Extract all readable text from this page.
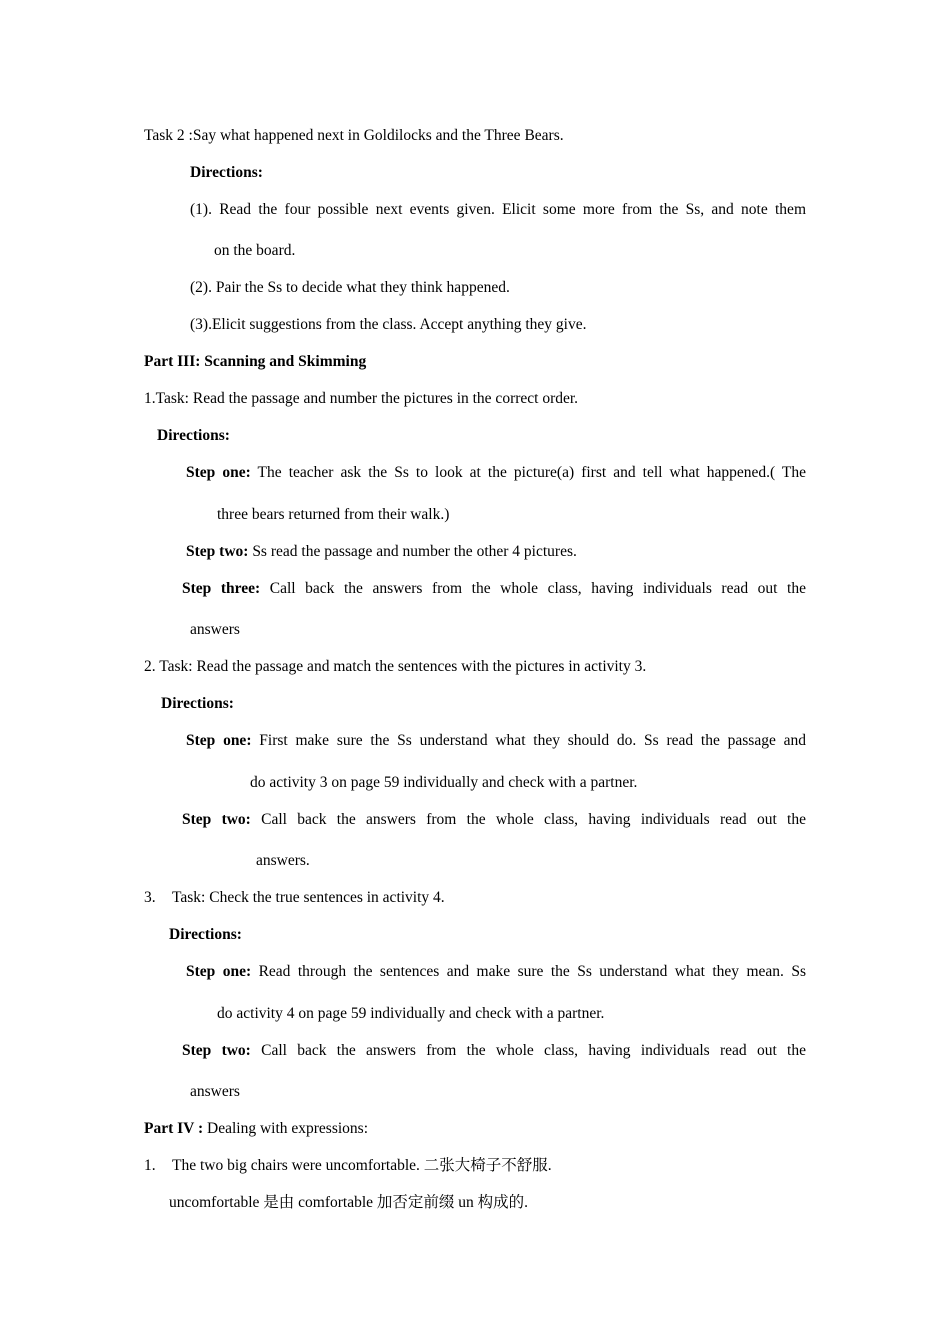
Task 2 :Say what happened next in Goldilocks and the Three Bears.
Directions:
(1). Read the four possible next events given. Elicit some more from the Ss, and note them
on the board.
(2). Pair the Ss to decide what they think happened.
(3).Elicit suggestions from the class. Accept anything they give.
Part III: Scanning and Skimming
1.Task: Read the passage and number the pictures in the correct order.
Directions:
Step one: The teacher ask the Ss to look at the picture(a) first and tell what happened.( The
three bears returned from their walk.)
Step two: Ss read the passage and number the other 4 pictures.
Step three: Call back the answers from the whole class, having individuals read out the
answers
2. Task: Read the passage and match the sentences with the pictures in activity 3.
Directions:
Step one: First make sure the Ss understand what they should do. Ss read the passage and
do activity 3 on page 59 individually and check with a partner.
Step two: Call back the answers from the whole class, having individuals read out the
answers.
3. Task: Check the true sentences in activity 4.
Directions:
Step one: Read through the sentences and make sure the Ss understand what they mean. Ss
do activity 4 on page 59 individually and check with a partner.
Step two: Call back the answers from the whole class, having individuals read out the
answers
Part IV : Dealing with expressions:
1. The two big chairs were uncomfortable. 二张大椅子不舒服.
uncomfortable 是由 comfortable 加否定前缀 un 构成的.
